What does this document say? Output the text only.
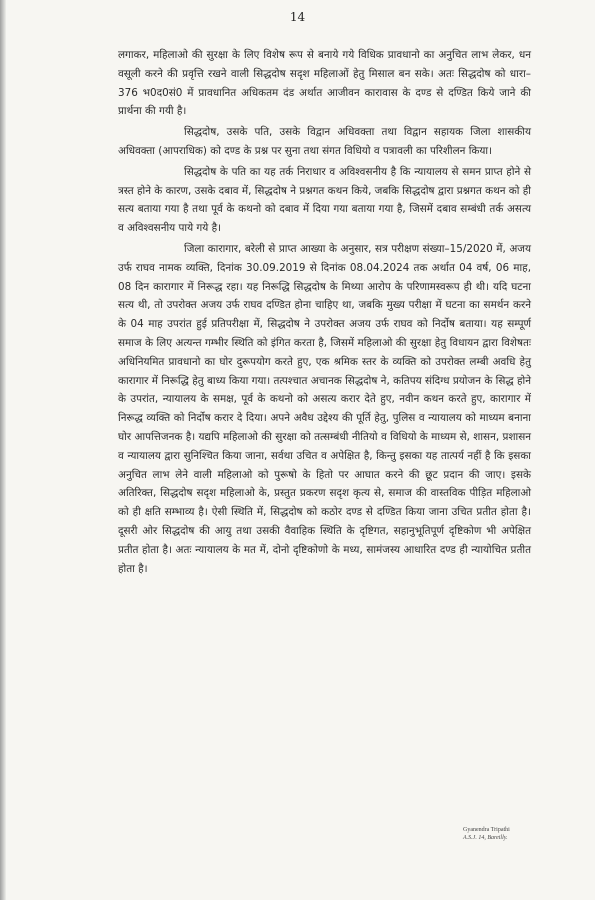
14

लगाकर, महिलाओ की सुरक्षा के लिए विशेष रूप से बनाये गये विधिक प्रावधानो का अनुचित लाभ लेकर, धन वसूली करने की प्रवृत्ति रखने वाली सिद्धदोष सदृश महिलाओं हेतु मिसाल बन सके। अतः सिद्धदोष को धारा–376 भ0द0सं0 में प्रावधानित अधिकतम दंड अर्थात आजीवन कारावास के दण्ड से दण्डित किये जाने की प्रार्थना की गयी है।

सिद्धदोष, उसके पति, उसके विद्वान अधिवक्ता तथा विद्वान सहायक जिला शासकीय अधिवक्ता (आपराधिक) को दण्ड के प्रश्न पर सुना तथा संगत विधियो व पत्रावली का परिशीलन किया।

सिद्धदोष के पति का यह तर्क निराधार व अविश्वसनीय है कि न्यायालय से समन प्राप्त होने से त्रस्त होने के कारण, उसके दबाव में, सिद्धदोष ने प्रश्नगत कथन किये, जबकि सिद्धदोष द्वारा प्रश्नगत कथन को ही सत्य बताया गया है तथा पूर्व के कथनो को दबाव में दिया गया बताया गया है, जिसमें दबाव सम्बंधी तर्क असत्य व अविश्वसनीय पाये गये है।

जिला कारागार, बरेली से प्राप्त आख्या के अनुसार, सत्र परीक्षण संख्या–15/2020 में, अजय उर्फ राघव नामक व्यक्ति, दिनांक 30.09.2019 से दिनांक 08.04.2024 तक अर्थात 04 वर्ष, 06 माह, 08 दिन कारागार में निरूद्ध रहा। यह निरूद्धि सिद्धदोष के मिथ्या आरोप के परिणामस्वरूप ही थी। यदि घटना सत्य थी, तो उपरोक्त अजय उर्फ राघव दण्डित होना चाहिए था, जबकि मुख्य परीक्षा में घटना का समर्थन करने के 04 माह उपरांत हुई प्रतिपरीक्षा में, सिद्धदोष ने उपरोक्त अजय उर्फ राघव को निर्दोष बताया। यह सम्पूर्ण समाज के लिए अत्यन्त गम्भीर स्थिति को इंगित करता है, जिसमें महिलाओ की सुरक्षा हेतु विधायन द्वारा विशेषतः अधिनियमित प्रावधानो का घोर दुरूपयोग करते हुए, एक श्रमिक स्तर के व्यक्ति को उपरोक्त लम्बी अवधि हेतु कारागार में निरूद्धि हेतु बाध्य किया गया। तत्पश्चात अचानक सिद्धदोष ने, कतिपय संदिग्ध प्रयोजन के सिद्ध होने के उपरांत, न्यायालय के समक्ष, पूर्व के कथनो को असत्य करार देते हुए, नवीन कथन करते हुए, कारागार में निरूद्ध व्यक्ति को निर्दोष करार दे दिया। अपने अवैध उद्देश्य की पूर्ति हेतु, पुलिस व न्यायालय को माध्यम बनाना घोर आपत्तिजनक है। यद्यपि महिलाओ की सुरक्षा को तत्सम्बंधी नीतियो व विधियो के माध्यम से, शासन, प्रशासन व न्यायालय द्वारा सुनिश्चित किया जाना, सर्वथा उचित व अपेक्षित है, किन्तु इसका यह तात्पर्य नहीं है कि इसका अनुचित लाभ लेने वाली महिलाओ को पुरूषो के हितो पर आघात करने की छूट प्रदान की जाए। इसके अतिरिक्त, सिद्धदोष सदृश महिलाओ के, प्रस्तुत प्रकरण सदृश कृत्य से, समाज की वास्तविक पीड़ित महिलाओ को ही क्षति सम्भाव्य है। ऐसी स्थिति में, सिद्धदोष को कठोर दण्ड से दण्डित किया जाना उचित प्रतीत होता है। दूसरी ओर सिद्धदोष की आयु तथा उसकी वैवाहिक स्थिति के दृष्टिगत, सहानुभूतिपूर्ण दृष्टिकोण भी अपेक्षित प्रतीत होता है। अतः न्यायालय के मत में, दोनो दृष्टिकोणो के मध्य, सामंजस्य आधारित दण्ड ही न्यायोचित प्रतीत होता है।

Gyanendra Tripathi
A.S.J. 14, Bareilly.
